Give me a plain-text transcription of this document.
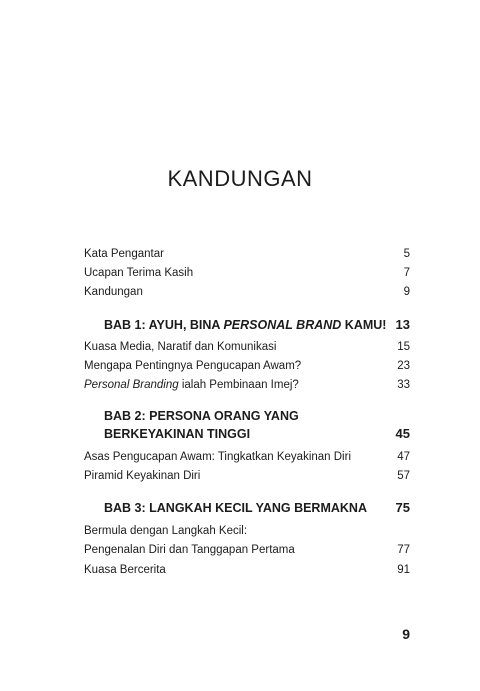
KANDUNGAN
Kata Pengantar	5
Ucapan Terima Kasih	7
Kandungan	9
BAB 1: AYUH, BINA PERSONAL BRAND KAMU! 13
Kuasa Media, Naratif dan Komunikasi	15
Mengapa Pentingnya Pengucapan Awam?	23
Personal Branding ialah Pembinaan Imej?	33
BAB 2: PERSONA ORANG YANG
BERKEYAKINAN TINGGI	45
Asas Pengucapan Awam: Tingkatkan Keyakinan Diri	47
Piramid Keyakinan Diri	57
BAB 3: LANGKAH KECIL YANG BERMAKNA 75
Bermula dengan Langkah Kecil:
Pengenalan Diri dan Tanggapan Pertama	77
Kuasa Bercerita	91
9
